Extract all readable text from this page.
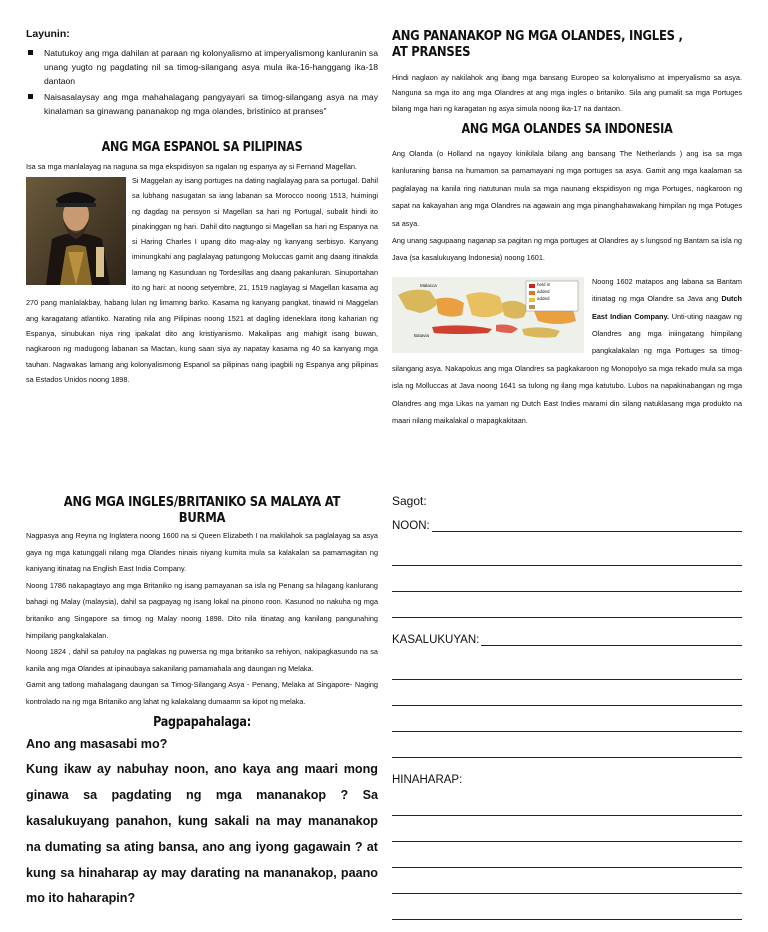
Layunin:

Natutukoy ang mga dahilan at paraan ng kolonyalismo at imperyalismong kanluranin sa unang yugto ng pagdating nil sa timog-silangang asya mula ika-16-hanggang ika-18 dantaon
Naisasalaysay ang mga mahahalagang pangyayari sa timog-silangang asya na may kinalaman sa ginawang pananakop ng mga olandes, bristinico at pranses"
ANG MGA ESPANOL SA PILIPINAS

Isa sa mga manlalayag na naguna sa mga ekspidisyon sa ngalan ng espanya ay si Fernand Magellan.

Si Maggelan ay isang portuges na dating naglalayag para sa portugal. Dahil sa lubhang nasugatan sa iang labanan sa Morocco noong 1513, huimingi ng dagdag na pensyon si Magellan sa hari ng Portugal, subalit hindi ito pinakinggan ng hari. Dahil dito nagtungo si Magellan sa hari ng Espanya na si Haring Charles I upang dito mag-alay ng kanyang serbisyo. Kanyang iminungkahi ang paglalayag patungong Moluccas gamit ang daang itinakda lamang ng Kasunduan ng Tordesillas ang daang pakanluran. Sinuportahan ito ng hari: at noong setyembre, 21, 1519 naglayag si Magellan kasama ag 270 pang manlalakbay, habang lulan ng limamng barko. Kasama ng kanyang pangkat, tinawid ni Maggelan ang karagatang atlantiko. Narating nila ang Pilipinas noong 1521 at dagling ideneklara itong kaharian ng Espanya, sinubukan niya ring ipakalat dito ang kristiyanismo. Makalipas ang mahigit isang buwan, nagkaroon ng madugong labanan sa Mactan, kung saan siya ay napatay kasama ng 40 sa kanyang mga tauhan. Nagwakas lamang ang kolonyalismong Espanol sa pilipinas nang ipagbili ng Espanya ang pilipinas sa Estados Unidos noong 1898.

ANG PANANAKOP NG MGA OLANDES, INGLES , AT PRANSES

Hindi naglaon ay nakilahok ang ibang mga bansang Europeo sa kolonyalismo at imperyalismo sa asya. Nanguna sa mga ito ang mga Olandres at ang mga ingles o britaniko. Sila ang pumalit sa mga Portuges bilang mga hari ng karagatan ng asya simula noong ika-17 na dantaon.

ANG MGA OLANDES SA INDONESIA

Ang Olanda (o Holland na ngayoy kinikilala bilang ang bansang The Netherlands ) ang isa sa mga kanluraning bansa na humamon sa pamamayani ng mga portuges sa asya. Gamit ang mga kaalaman sa paglalayag na kanila ring natutunan mula sa mga naunang ekspidisyon ng mga Portuges, nagkaroon ng sapat na kakayahan ang mga Olandres na agawain ang mga pinanghahawakang himpilan ng mga Potuges sa asya.

Ang unang sagupaang naganap sa pagitan ng mga portuges at Olandres ay s lungsod ng Bantam sa isla ng Java (sa kasalukuyang Indonesia) noong 1601.

Malacca
Batavia
held in
added
added

Noong 1602 matapos ang labana sa Bantam itinatag ng mga Olandre sa Java ang Dutch East Indian Company. Unti-uting naagaw ng Olandres ang mga iniingatang himpilang pangkalakalan ng mga Portuges sa timog-silangang asya. Nakapokus ang mga Olandres sa pagkakaroon ng Monopolyo sa mga rekado mula sa mga isla ng Molluccas at Java noong 1641 sa tulong ng ilang mga katutubo. Lubos na napakinabangan ng mga Olandres ang mga Likas na yaman ng Dutch East Indies marami din silang natuklasang mga produkto na maari nilang maikalakal o mapagkakitaan.

ANG MGA INGLES/BRITANIKO SA MALAYA AT BURMA

Nagpasya ang Reyna ng Inglatera noong 1600 na si Queen Elizabeth I na makilahok sa paglalayag sa asya gaya ng mga katunggali nilang mga Olandes ninais niyang kumita mula sa kalakalan sa pamamagitan ng kaniyang itinatag na English East India Company.

Noong 1786 nakapagtayo ang mga Britaniko ng isang pamayanan sa isla ng Penang sa hilagang kanlurang bahagi ng Malay (malaysia), dahil sa pagpayag ng isang lokal na pinono roon. Kasunod no nakuha ng mga britaniko ang Singapore sa timog ng Malay noong 1898. Dito nila itinatag ang kanilang pangunahing himpilang pangkalakalan.

Noong 1824 , dahil sa patuloy na paglakas ng puwersa ng mga britaniko sa rehiyon, nakipagkasundo na sa kanila ang mga Olandes at ipinaubaya sakanilang pamamahala ang daungan ng Melaka.

Gamit ang tatlong mahalagang daungan sa Timog-Silangang Asya - Penang, Melaka at Singapore- Naging kontrolado na ng mga Britaniko ang lahat ng kalakalang dumaamn sa kipot ng melaka.

Pagpapahalaga:

Ano ang masasabi mo?

Kung ikaw ay nabuhay noon, ano kaya ang maari mong ginawa sa pagdating ng mga mananakop ? Sa kasalukuyang panahon, kung sakali na may mananakop na dumating sa ating bansa, ano ang iyong gagawain ? at kung sa hinaharap ay may darating na mananakop, paano mo ito haharapin?

Sagot:

NOON:
KASALUKUYAN:
HINAHARAP:
